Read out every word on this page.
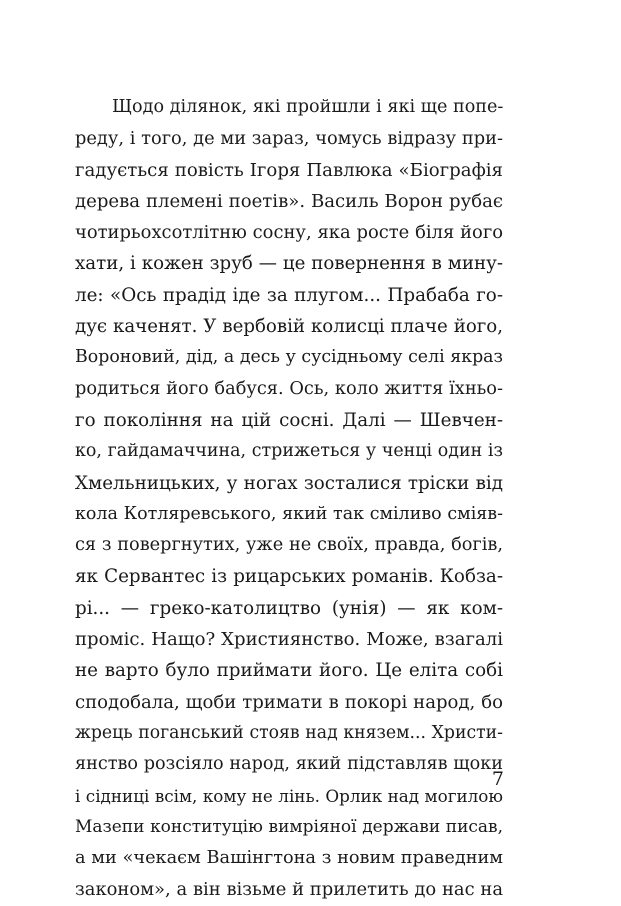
Щодо ділянок, які пройшли і які ще попе-
реду, і того, де ми зараз, чомусь відразу при-
гадується повість Ігоря Павлюка «Біографія
дерева племені поетів». Василь Ворон рубає
чотирьохсотлітню сосну, яка росте біля його
хати, і кожен зруб — це повернення в мину-
ле: «Ось прадід іде за плугом... Прабаба го-
дує каченят. У вербовій колисці плаче його,
Вороновий, дід, а десь у сусідньому селі якраз
родиться його бабуся. Ось, коло життя їхньо-
го покоління на цій сосні. Далі — Шевчен-
ко, гайдамаччина, стрижеться у ченці один із
Хмельницьких, у ногах зосталися тріски від
кола Котляревського, який так сміливо сміяв-
ся з повергнутих, уже не своїх, правда, богів,
як Сервантес із рицарських романів. Кобза-
рі... — греко-католицтво (унія) — як ком-
проміс. Нащо? Християнство. Може, взагалі
не варто було приймати його. Це еліта собі
сподобала, щоби тримати в покорі народ, бо
жрець поганський стояв над князем... Христи-
янство розсіяло народ, який підставляв щоки
і сідниці всім, кому не лінь. Орлик над могилою
Мазепи конституцію вимріяної держави писав,
а ми «чекаєм Вашінгтона з новим праведним
законом», а він візьме й прилетить до нас на
7
